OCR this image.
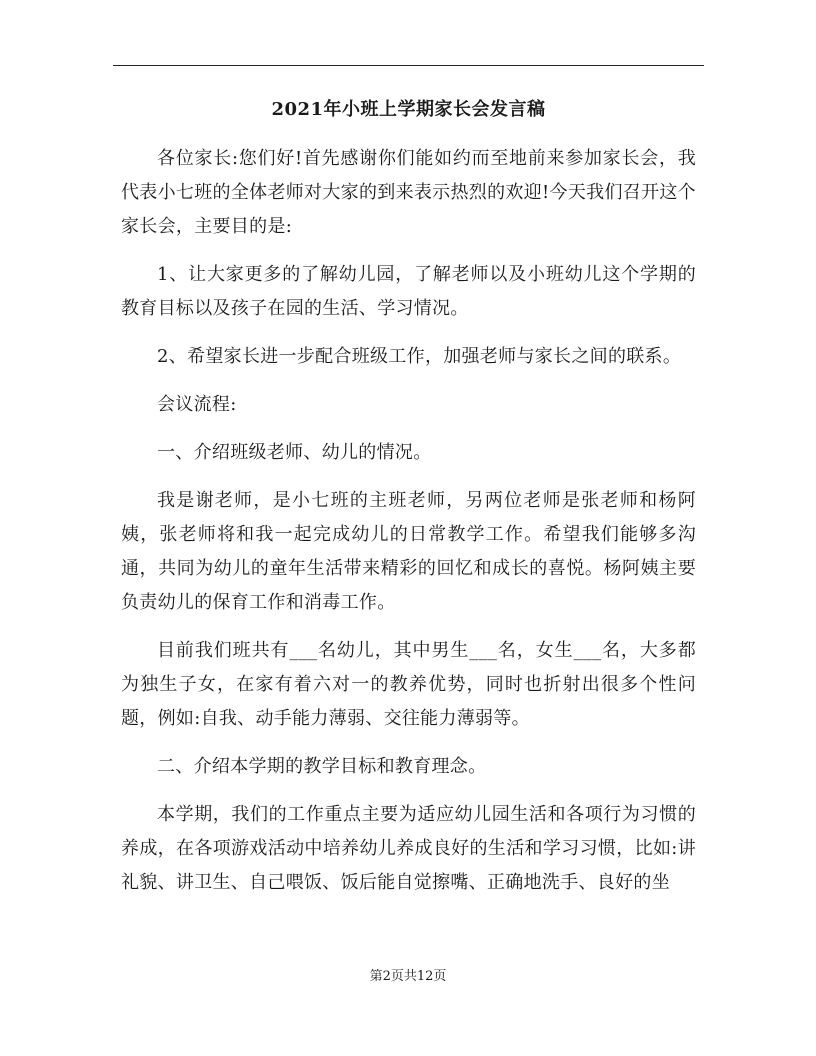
2021年小班上学期家长会发言稿

各位家长:您们好!首先感谢你们能如约而至地前来参加家长会，我代表小七班的全体老师对大家的到来表示热烈的欢迎!今天我们召开这个家长会，主要目的是:

1、让大家更多的了解幼儿园，了解老师以及小班幼儿这个学期的教育目标以及孩子在园的生活、学习情况。

2、希望家长进一步配合班级工作，加强老师与家长之间的联系。

会议流程:

一、介绍班级老师、幼儿的情况。

我是谢老师，是小七班的主班老师，另两位老师是张老师和杨阿姨，张老师将和我一起完成幼儿的日常教学工作。希望我们能够多沟通，共同为幼儿的童年生活带来精彩的回忆和成长的喜悦。杨阿姨主要负责幼儿的保育工作和消毒工作。

目前我们班共有___名幼儿，其中男生___名，女生___名，大多都为独生子女，在家有着六对一的教养优势，同时也折射出很多个性问题，例如:自我、动手能力薄弱、交往能力薄弱等。

二、介绍本学期的教学目标和教育理念。

本学期，我们的工作重点主要为适应幼儿园生活和各项行为习惯的养成，在各项游戏活动中培养幼儿养成良好的生活和学习习惯，比如:讲礼貌、讲卫生、自己喂饭、饭后能自觉擦嘴、正确地洗手、良好的坐

第2页共12页
